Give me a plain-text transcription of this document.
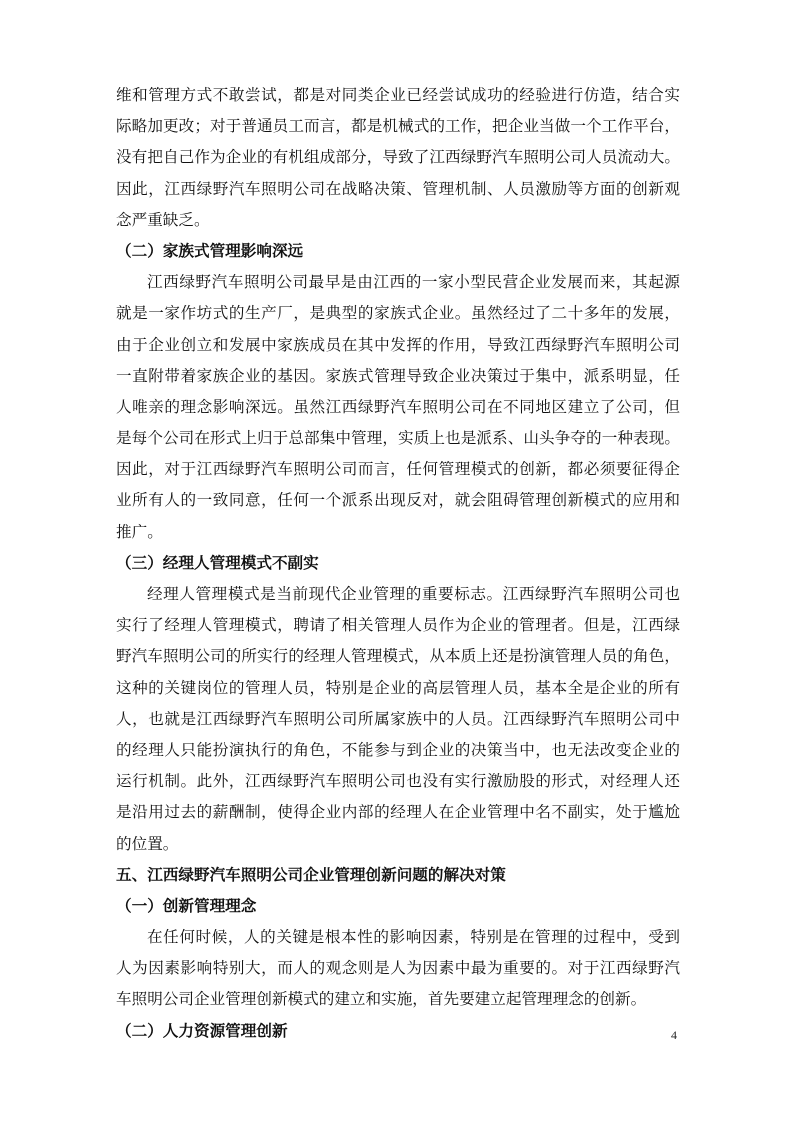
维和管理方式不敢尝试，都是对同类企业已经尝试成功的经验进行仿造，结合实
际略加更改；对于普通员工而言，都是机械式的工作，把企业当做一个工作平台，
没有把自己作为企业的有机组成部分，导致了江西绿野汽车照明公司人员流动大。
因此，江西绿野汽车照明公司在战略决策、管理机制、人员激励等方面的创新观
念严重缺乏。
（二）家族式管理影响深远
江西绿野汽车照明公司最早是由江西的一家小型民营企业发展而来，其起源
就是一家作坊式的生产厂，是典型的家族式企业。虽然经过了二十多年的发展，
由于企业创立和发展中家族成员在其中发挥的作用，导致江西绿野汽车照明公司
一直附带着家族企业的基因。家族式管理导致企业决策过于集中，派系明显，任
人唯亲的理念影响深远。虽然江西绿野汽车照明公司在不同地区建立了公司，但
是每个公司在形式上归于总部集中管理，实质上也是派系、山头争夺的一种表现。
因此，对于江西绿野汽车照明公司而言，任何管理模式的创新，都必须要征得企
业所有人的一致同意，任何一个派系出现反对，就会阻碍管理创新模式的应用和
推广。
（三）经理人管理模式不副实
经理人管理模式是当前现代企业管理的重要标志。江西绿野汽车照明公司也
实行了经理人管理模式，聘请了相关管理人员作为企业的管理者。但是，江西绿
野汽车照明公司的所实行的经理人管理模式，从本质上还是扮演管理人员的角色，
这种的关键岗位的管理人员，特别是企业的高层管理人员，基本全是企业的所有
人，也就是江西绿野汽车照明公司所属家族中的人员。江西绿野汽车照明公司中
的经理人只能扮演执行的角色，不能参与到企业的决策当中，也无法改变企业的
运行机制。此外，江西绿野汽车照明公司也没有实行激励股的形式，对经理人还
是沿用过去的薪酬制，使得企业内部的经理人在企业管理中名不副实，处于尴尬
的位置。
五、江西绿野汽车照明公司企业管理创新问题的解决对策
（一）创新管理理念
在任何时候，人的关键是根本性的影响因素，特别是在管理的过程中，受到
人为因素影响特别大，而人的观念则是人为因素中最为重要的。对于江西绿野汽
车照明公司企业管理创新模式的建立和实施，首先要建立起管理理念的创新。
（二）人力资源管理创新	4
